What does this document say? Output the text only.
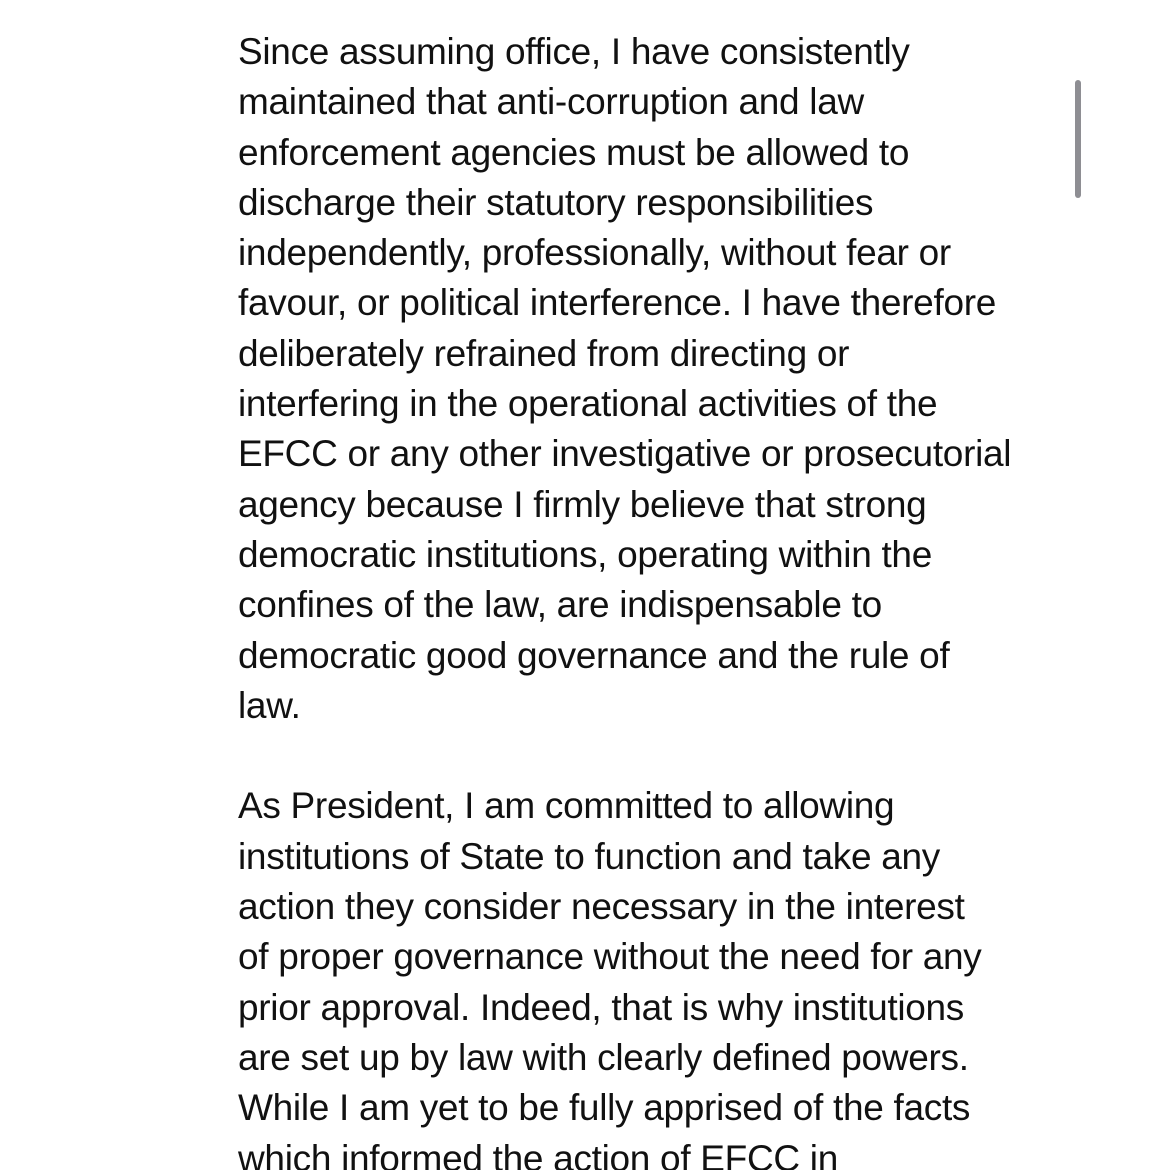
Since assuming office, I have consistently
maintained that anti-corruption and law
enforcement agencies must be allowed to
discharge their statutory responsibilities
independently, professionally, without fear or
favour, or political interference. I have therefore
deliberately refrained from directing or
interfering in the operational activities of the
EFCC or any other investigative or prosecutorial
agency because I firmly believe that strong
democratic institutions, operating within the
confines of the law, are indispensable to
democratic good governance and the rule of
law.
As President, I am committed to allowing
institutions of State to function and take any
action they consider necessary in the interest
of proper governance without the need for any
prior approval. Indeed, that is why institutions
are set up by law with clearly defined powers.
While I am yet to be fully apprised of the facts
which informed the action of EFCC in
